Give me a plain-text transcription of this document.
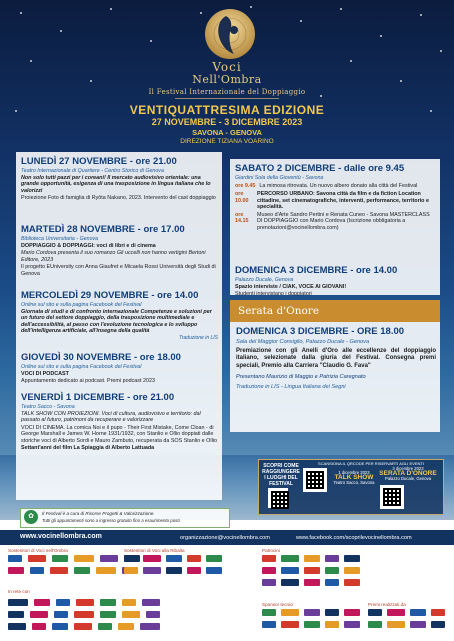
Voci
Nell'Ombra
Il Festival Internazionale del Doppiaggio
VENTIQUATTRESIMA EDIZIONE
27 NOVEMBRE - 3 DICEMBRE 2023
SAVONA - GENOVA
DIREZIONE TIZIANA VOARINO
LUNEDÌ 27 NOVEMBRE - ore 21.00
Teatro Internazionale di Quartiere - Centro Storico di Genova
Non solo tutti pazzi per i coreani! Il mercato audiovisivo orientale: una grande opportunità, esigenza di una trasposizione in lingua italiana che lo valorizzi
Proiezione Foto di famiglia di Ryōta Nakano, 2023. Intervento del cast doppiaggio
MARTEDÌ 28 NOVEMBRE - ore 17.00
Biblioteca Universitaria - Genova
DOPPIAGGIO & DOPPIAGGI: voci di libri e di cinema
Mario Cordova presenta il suo romanzo Gli uccelli non hanno vertigini Bertoni Editore, 2023
Il progetto EUniversity con Anna Giaufret e Micaela Rossi Università degli Studi di Genova
MERCOLEDÌ 29 NOVEMBRE - ore 14.00
Online sul sito e sulla pagina Facebook del Festival
Giornata di studi e di confronto internazionale Competenze e soluzioni per un futuro del settore doppiaggio, della trasposizione multimediale e dell'accessibilità, al passo con l'evoluzione tecnologica e lo sviluppo dell'intelligenza artificiale, all'insegna della qualità
Traduzione in LIS
GIOVEDÌ 30 NOVEMBRE - ore 18.00
Online sul sito e sulla pagina Facebook del Festival
VOCI DI PODCAST
Appuntamento dedicato ai podcast. Premi podcast 2023
VENERDÌ 1 DICEMBRE - ore 21.00
Teatro Sacco - Savona
TALK SHOW CON PROIEZIONI. Voci di cultura, audiovisivo e territorio: dal passato al futuro, patrimoni da recuperare e valorizzare
VOCI DI CINEMA. La comica Noi e il pupo - Their First Mistake, Come Cloan - di George Marshall e James W. Horne 1931/1932, con Stanlio e Ollio doppiati dalle storiche voci di Alberto Sordi e Mauro Zambuto, recuperata da SOS Stanlio e Ollio
Settant'anni del film La Spiaggia di Alberto Lattuada
SABATO 2 DICEMBRE - dalle ore 9.45
Giardini Sola della Gioventù - Savona
ore 9.45 La mimosa ritrovata. Un nuovo albero donato alla città del Festival
ore 10.00
PERCORSO URBANO: Savona città da film e da fiction Location cittadine, set cinematografiche, interventi, performance, territorio e specialità.
ore 14.15
Museo d'Arte Sandro Pertini e Renata Cuneo - Savona MASTERCLASS DI DOPPIAGGIO con Mario Cordova (Iscrizione obbligatoria a prenotazioni@vocinellombra.com)
DOMENICA 3 DICEMBRE - ore 14.00
Palazzo Ducale, Genova
Spazio interviste / CIAK, VOCE AI GIOVANI!
Studenti intervistano i doppiatori
Serata d'Onore
DOMENICA 3 DICEMBRE - ORE 18.00
Sala del Maggior Consiglio, Palazzo Ducale - Genova
Premiazione con gli Anelli d'Oro alle eccellenze del doppiaggio italiano, selezionate dalla giuria del Festival. Consegna premi speciali, Premio alla Carriera "Claudio G. Fava"
Presentano Maurizio di Maggio e Patrizia Caregnato
Traduzione in LIS - Lingua Italiana dei Segni
SCOPRI COME RAGGIUNGERE I LUOGHI DEL FESTIVAL
SCANSIONA IL QRCODE PER RISERVARTI AGLI EVENTI
1 dicembre 2023
TALK SHOW
Teatro Sacco, Savona
3 dicembre 2023
SERATA D'ONORE
Palazzo Ducale, Genova
✿	Il Festival è a cura di Risorse Progetti & Valorizzazione.
Tutti gli appuntamenti sono a ingresso gratuito fino a esaurimento posti.
www.vocinellombra.com	organizzazione@vocinellombra.com	www.facebook.com/scoprilevocinellombra.com
Sostenitori di Voci nell'Ombra	Sostenitori di Voci alla Ribalta
In rete con
Patrocini
Sponsor tecnici	Premi realizzati da
